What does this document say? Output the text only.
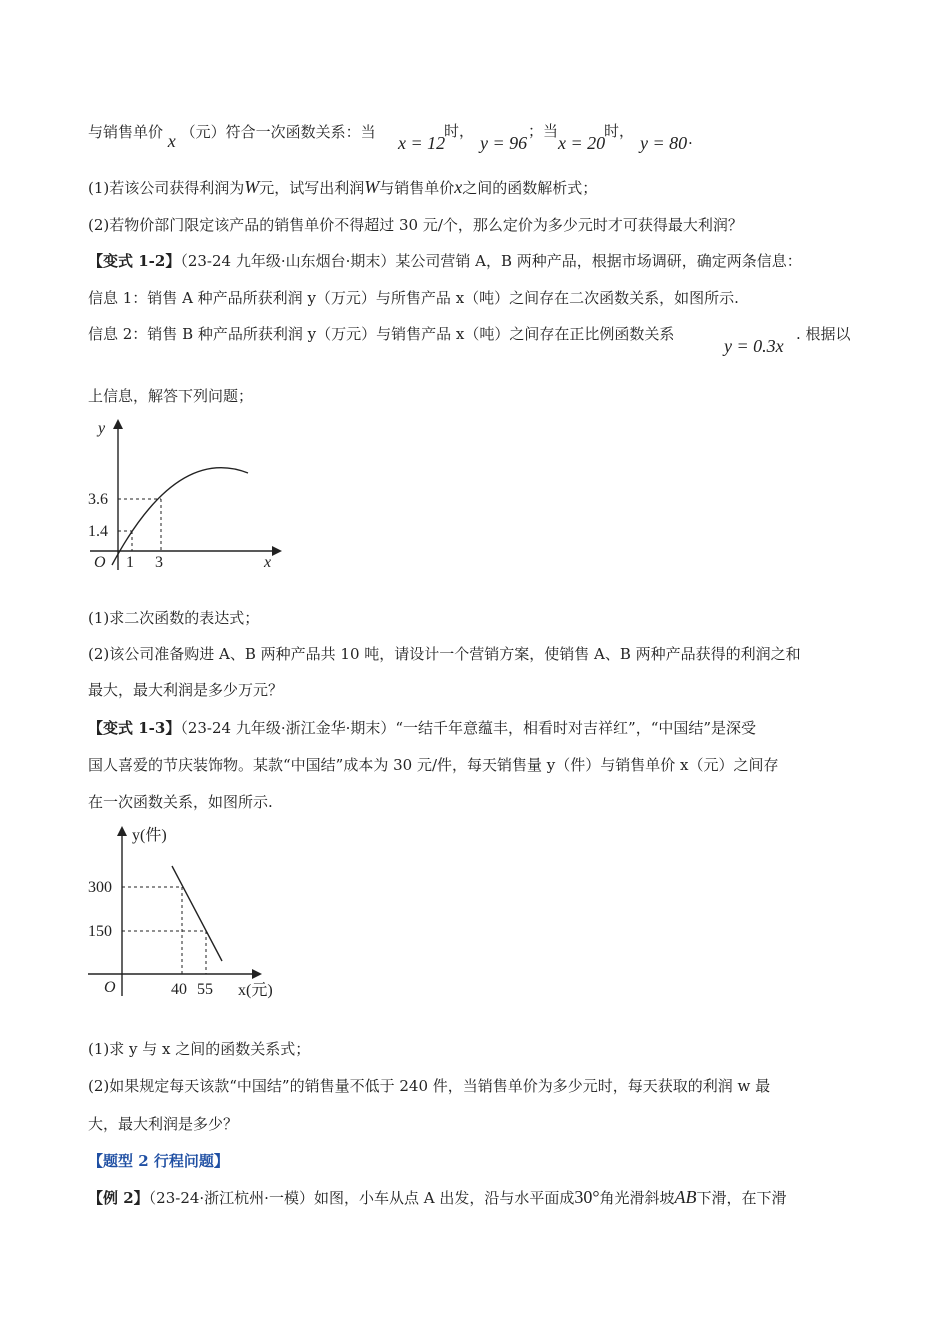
与销售单价 x （元）符合一次函数关系：当
x = 12
时，
y = 96
；当
x = 20
时，
y = 80 .
(1)若该公司获得利润为W元，试写出利润W与销售单价x之间的函数解析式；
(2)若物价部门限定该产品的销售单价不得超过 30 元/个，那么定价为多少元时才可获得最大利润？
【变式 1-2】（23-24 九年级·山东烟台·期末）某公司营销 A，B 两种产品，根据市场调研，确定两条信息：
信息 1：销售 A 种产品所获利润 y（万元）与所售产品 x（吨）之间存在二次函数关系，如图所示.
信息 2：销售 B 种产品所获利润 y（万元）与销售产品 x（吨）之间存在正比例函数关系
y = 0.3x
. 根据以
上信息，解答下列问题；
y
x
O
3.6
1.4
1 3
(1)求二次函数的表达式；
(2)该公司准备购进 A、B 两种产品共 10 吨，请设计一个营销方案，使销售 A、B 两种产品获得的利润之和
最大，最大利润是多少万元？
【变式 1-3】（23-24 九年级·浙江金华·期末）“一结千年意蕴丰，相看时对吉祥红”，“中国结”是深受
国人喜爱的节庆装饰物。某款“中国结”成本为 30 元/件，每天销售量 y（件）与销售单价 x（元）之间存
在一次函数关系，如图所示.
y(件)
x(元)
O
300
150
40 55
(1)求 y 与 x 之间的函数关系式；
(2)如果规定每天该款“中国结”的销售量不低于 240 件，当销售单价为多少元时，每天获取的利润 w 最
大，最大利润是多少？
【题型 2 行程问题】
【例 2】（23-24·浙江杭州·一模）如图，小车从点 A 出发，沿与水平面成30°角光滑斜坡AB下滑，在下滑
